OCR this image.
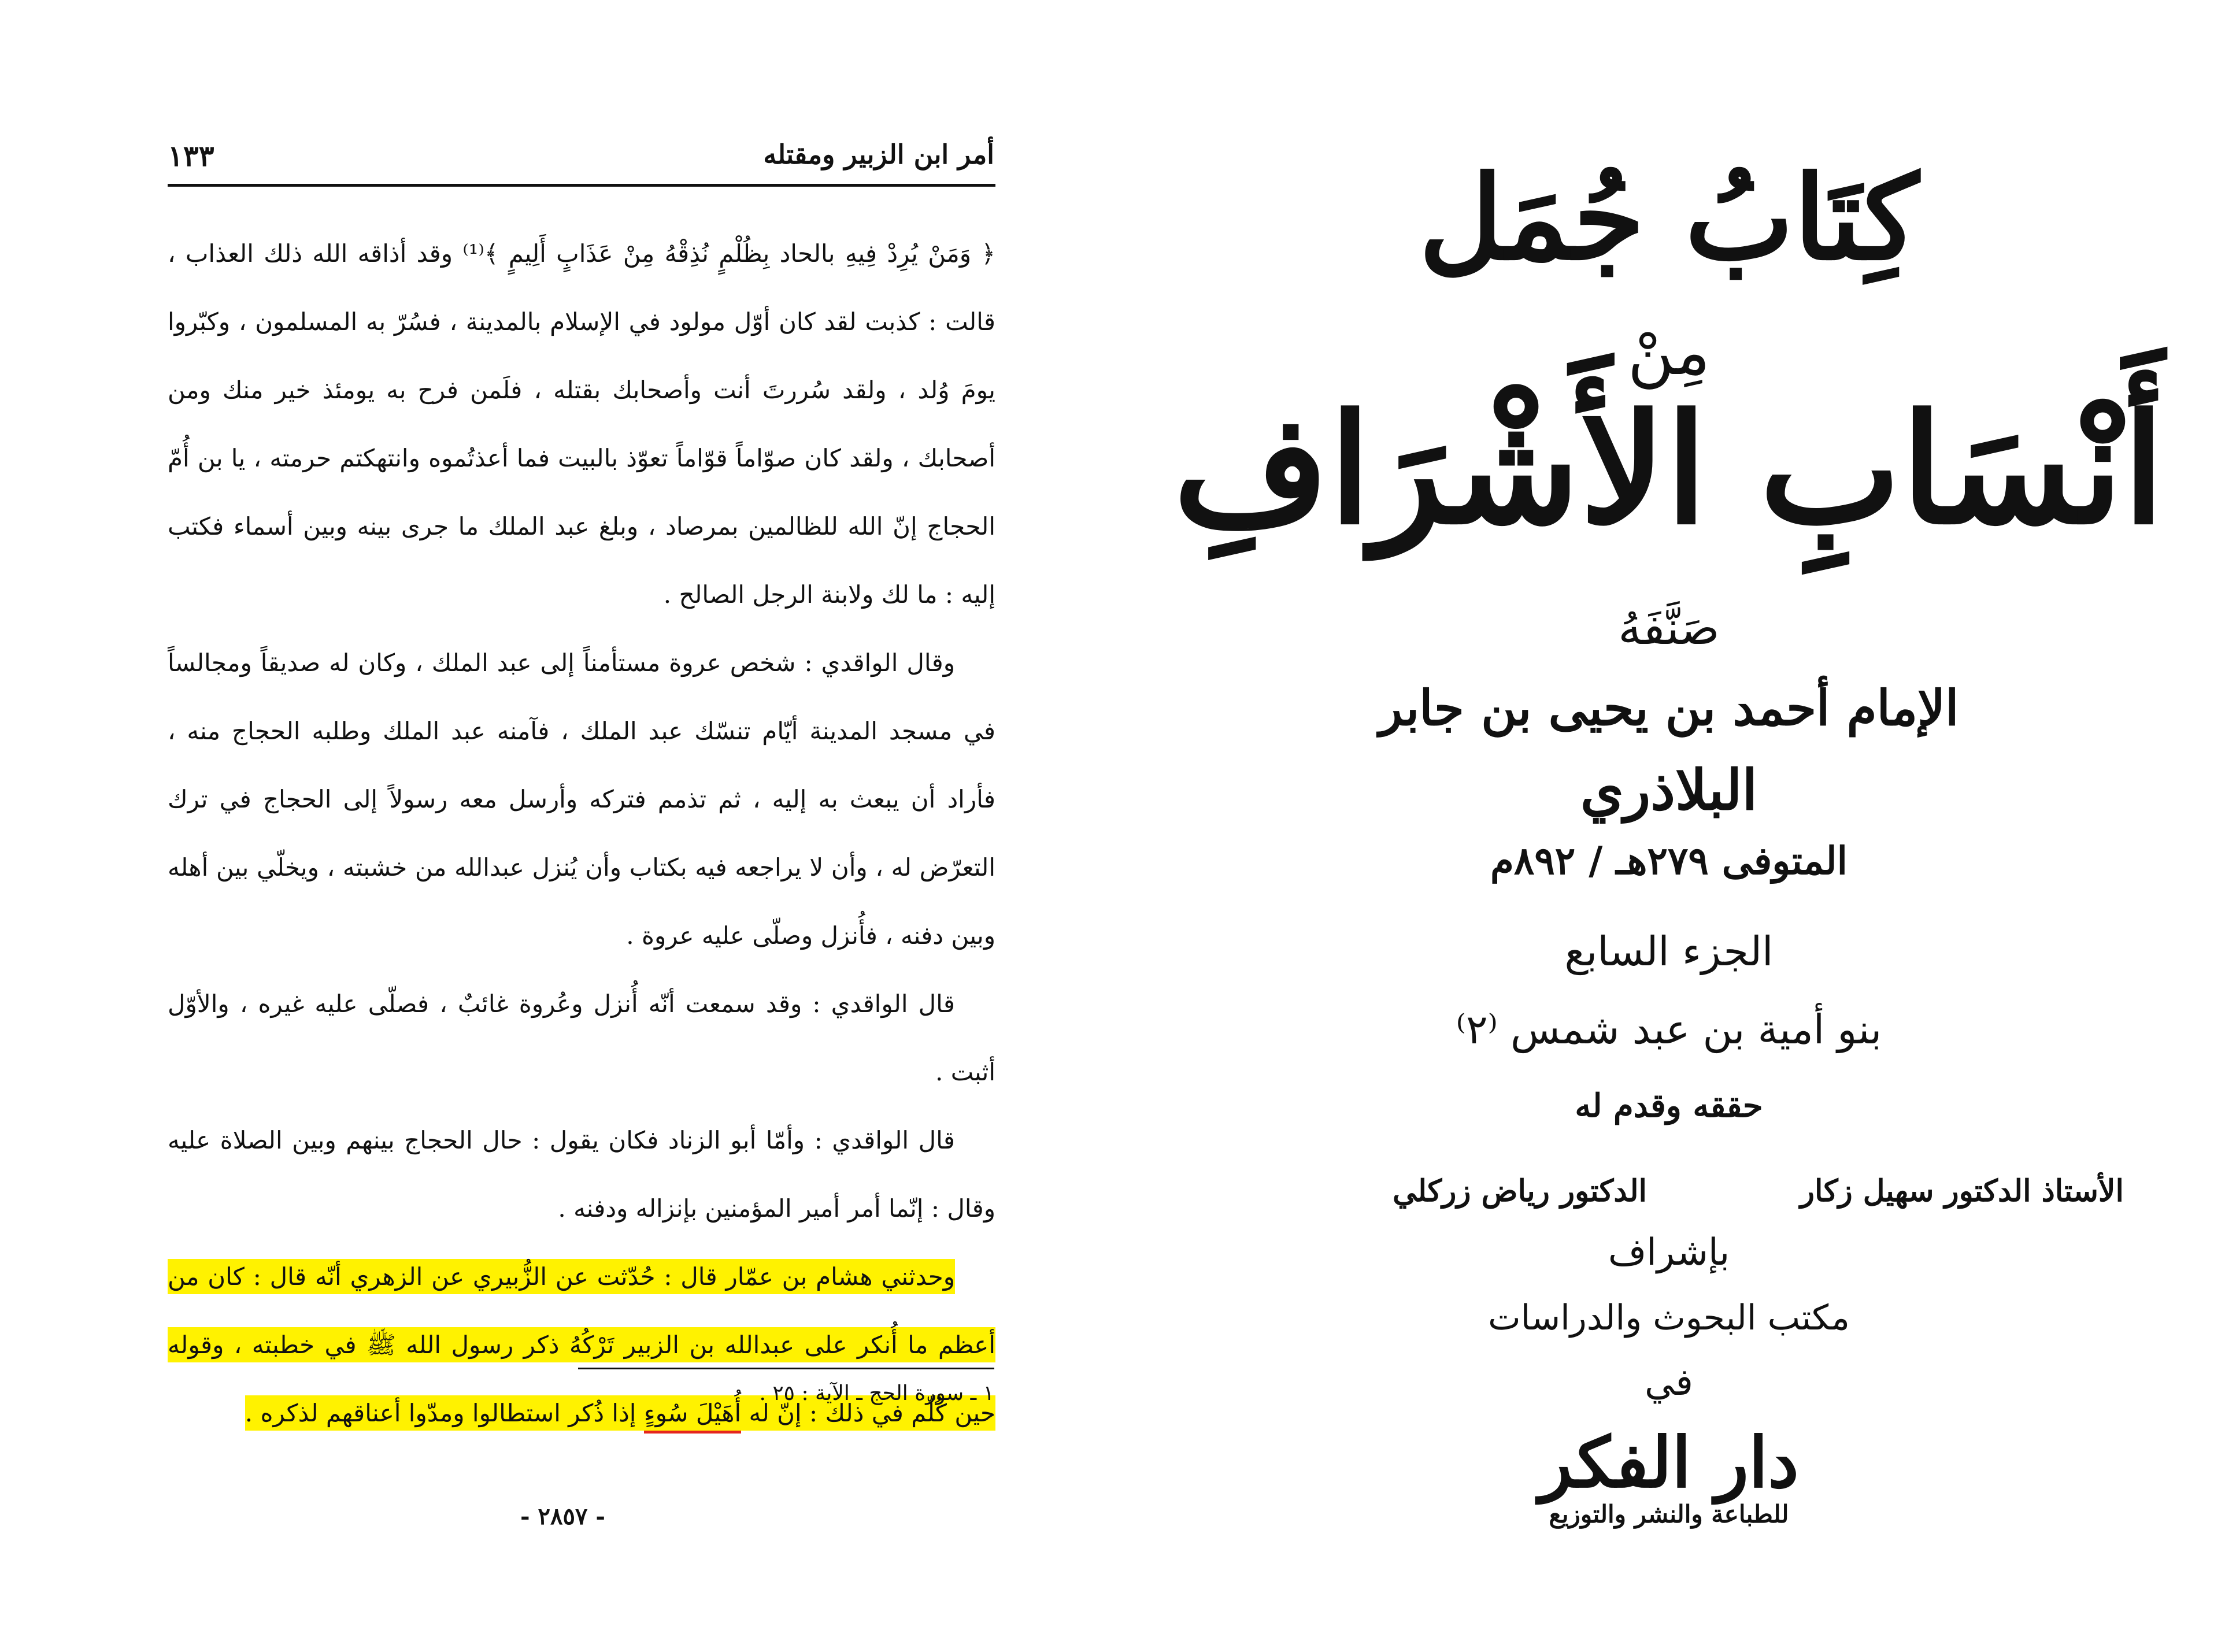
أمر ابن الزبير ومقتله
١٣٣

﴿ وَمَنْ يُرِدْ فِيهِ بالحاد بِظُلْمٍ نُذِقْهُ مِنْ عَذَابٍ أَلِيمٍ ﴾⁽¹⁾ وقد أذاقه الله ذلك العذاب ، قالت : كذبت لقد كان أوّل مولود في الإسلام بالمدينة ، فسُرّ به المسلمون ، وكبّروا يومَ وُلد ، ولقد سُررتَ أنت وأصحابك بقتله ، فلَمن فرح به يومئذ خير منك ومن أصحابك ، ولقد كان صوّاماً قوّاماً تعوّذ بالبيت فما أعذتُموه وانتهكتم حرمته ، يا بن أُمّ الحجاج إنّ الله للظالمين بمرصاد ، وبلغ عبد الملك ما جرى بينه وبين أسماء فكتب إليه : ما لك ولابنة الرجل الصالح .

وقال الواقدي : شخص عروة مستأمناً إلى عبد الملك ، وكان له صديقاً ومجالساً في مسجد المدينة أيّام تنسّك عبد الملك ، فآمنه عبد الملك وطلبه الحجاج منه ، فأراد أن يبعث به إليه ، ثم تذمم فتركه وأرسل معه رسولاً إلى الحجاج في ترك التعرّض له ، وأن لا يراجعه فيه بكتاب وأن يُنزل عبدالله من خشبته ، ويخلّي بين أهله وبين دفنه ، فأُنزل وصلّى عليه عروة .

قال الواقدي : وقد سمعت أنّه أُنزل وعُروة غائبٌ ، فصلّى عليه غيره ، والأوّل أثبت .

قال الواقدي : وأمّا أبو الزناد فكان يقول : حال الحجاج بينهم وبين الصلاة عليه وقال : إنّما أمر أمير المؤمنين بإنزاله ودفنه .

وحدثني هشام بن عمّار قال : حُدّثت عن الزُّبيري عن الزهري أنّه قال : كان من أعظم ما أُنكر على عبدالله بن الزبير تَرْكُهُ ذكر رسول الله ﷺ في خطبته ، وقوله حين كُلّم في ذلك : إنّ له أُهَيْلَ سُوءٍ إذا ذُكر استطالوا ومدّوا أعناقهم لذكره .

١ ـ سورة الحج ـ الآية : ٢٥ .
- ٢٨٥٧ -
كِتَابُ جُمَل
مِنْ
أَنْسَابِ الأَشْرَافِ
صَنَّفَهُ
الإمام أحمد بن يحيى بن جابر
البلاذري
المتوفى ٢٧٩هـ / ٨٩٢م
الجزء السابع
بنو أمية بن عبد شمس ⁽٢⁾
حققه وقدم له
الأستاذ الدكتور سهيل زكار
الدكتور رياض زركلي
بإشراف
مكتب البحوث والدراسات
في
دار الفكر
للطباعة والنشر والتوزيع
